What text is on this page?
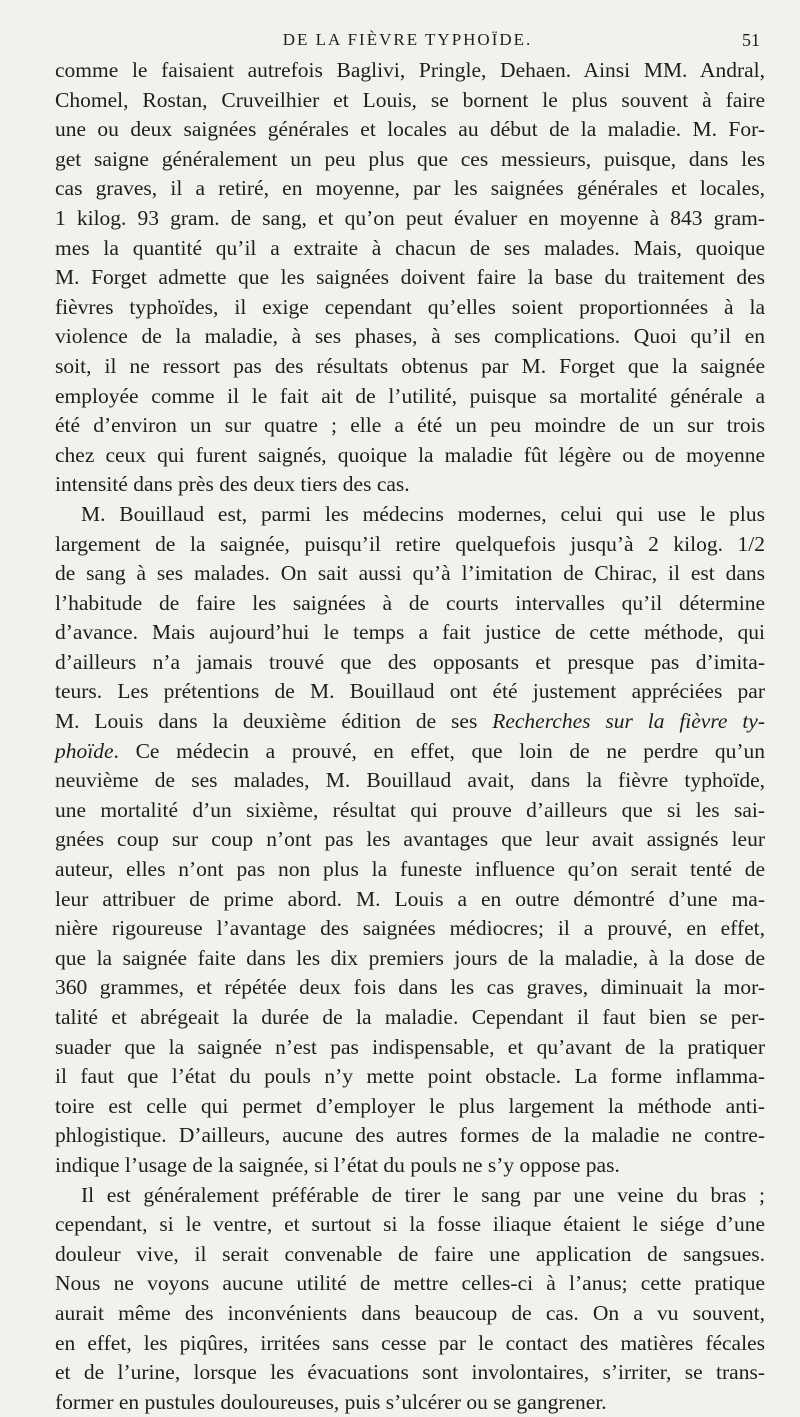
DE LA FIÈVRE TYPHOÏDE.	51
comme le faisaient autrefois Baglivi, Pringle, Dehaen. Ainsi MM. Andral,
Chomel, Rostan, Cruveilhier et Louis, se bornent le plus souvent à faire
une ou deux saignées générales et locales au début de la maladie. M. For-
get saigne généralement un peu plus que ces messieurs, puisque, dans les
cas graves, il a retiré, en moyenne, par les saignées générales et locales,
1 kilog. 93 gram. de sang, et qu’on peut évaluer en moyenne à 843 gram-
mes la quantité qu’il a extraite à chacun de ses malades. Mais, quoique
M. Forget admette que les saignées doivent faire la base du traitement des
fièvres typhoïdes, il exige cependant qu’elles soient proportionnées à la
violence de la maladie, à ses phases, à ses complications. Quoi qu’il en
soit, il ne ressort pas des résultats obtenus par M. Forget que la saignée
employée comme il le fait ait de l’utilité, puisque sa mortalité générale a
été d’environ un sur quatre ; elle a été un peu moindre de un sur trois
chez ceux qui furent saignés, quoique la maladie fût légère ou de moyenne
intensité dans près des deux tiers des cas.
M. Bouillaud est, parmi les médecins modernes, celui qui use le plus
largement de la saignée, puisqu’il retire quelquefois jusqu’à 2 kilog. 1/2
de sang à ses malades. On sait aussi qu’à l’imitation de Chirac, il est dans
l’habitude de faire les saignées à de courts intervalles qu’il détermine
d’avance. Mais aujourd’hui le temps a fait justice de cette méthode, qui
d’ailleurs n’a jamais trouvé que des opposants et presque pas d’imita-
teurs. Les prétentions de M. Bouillaud ont été justement appréciées par
M. Louis dans la deuxième édition de ses Recherches sur la fièvre ty-
phoïde. Ce médecin a prouvé, en effet, que loin de ne perdre qu’un
neuvième de ses malades, M. Bouillaud avait, dans la fièvre typhoïde,
une mortalité d’un sixième, résultat qui prouve d’ailleurs que si les sai-
gnées coup sur coup n’ont pas les avantages que leur avait assignés leur
auteur, elles n’ont pas non plus la funeste influence qu’on serait tenté de
leur attribuer de prime abord. M. Louis a en outre démontré d’une ma-
nière rigoureuse l’avantage des saignées médiocres; il a prouvé, en effet,
que la saignée faite dans les dix premiers jours de la maladie, à la dose de
360 grammes, et répétée deux fois dans les cas graves, diminuait la mor-
talité et abrégeait la durée de la maladie. Cependant il faut bien se per-
suader que la saignée n’est pas indispensable, et qu’avant de la pratiquer
il faut que l’état du pouls n’y mette point obstacle. La forme inflamma-
toire est celle qui permet d’employer le plus largement la méthode anti-
phlogistique. D’ailleurs, aucune des autres formes de la maladie ne contre-
indique l’usage de la saignée, si l’état du pouls ne s’y oppose pas.
Il est généralement préférable de tirer le sang par une veine du bras ;
cependant, si le ventre, et surtout si la fosse iliaque étaient le siége d’une
douleur vive, il serait convenable de faire une application de sangsues.
Nous ne voyons aucune utilité de mettre celles-ci à l’anus; cette pratique
aurait même des inconvénients dans beaucoup de cas. On a vu souvent,
en effet, les piqûres, irritées sans cesse par le contact des matières fécales
et de l’urine, lorsque les évacuations sont involontaires, s’irriter, se trans-
former en pustules douloureuses, puis s’ulcérer ou se gangrener.
